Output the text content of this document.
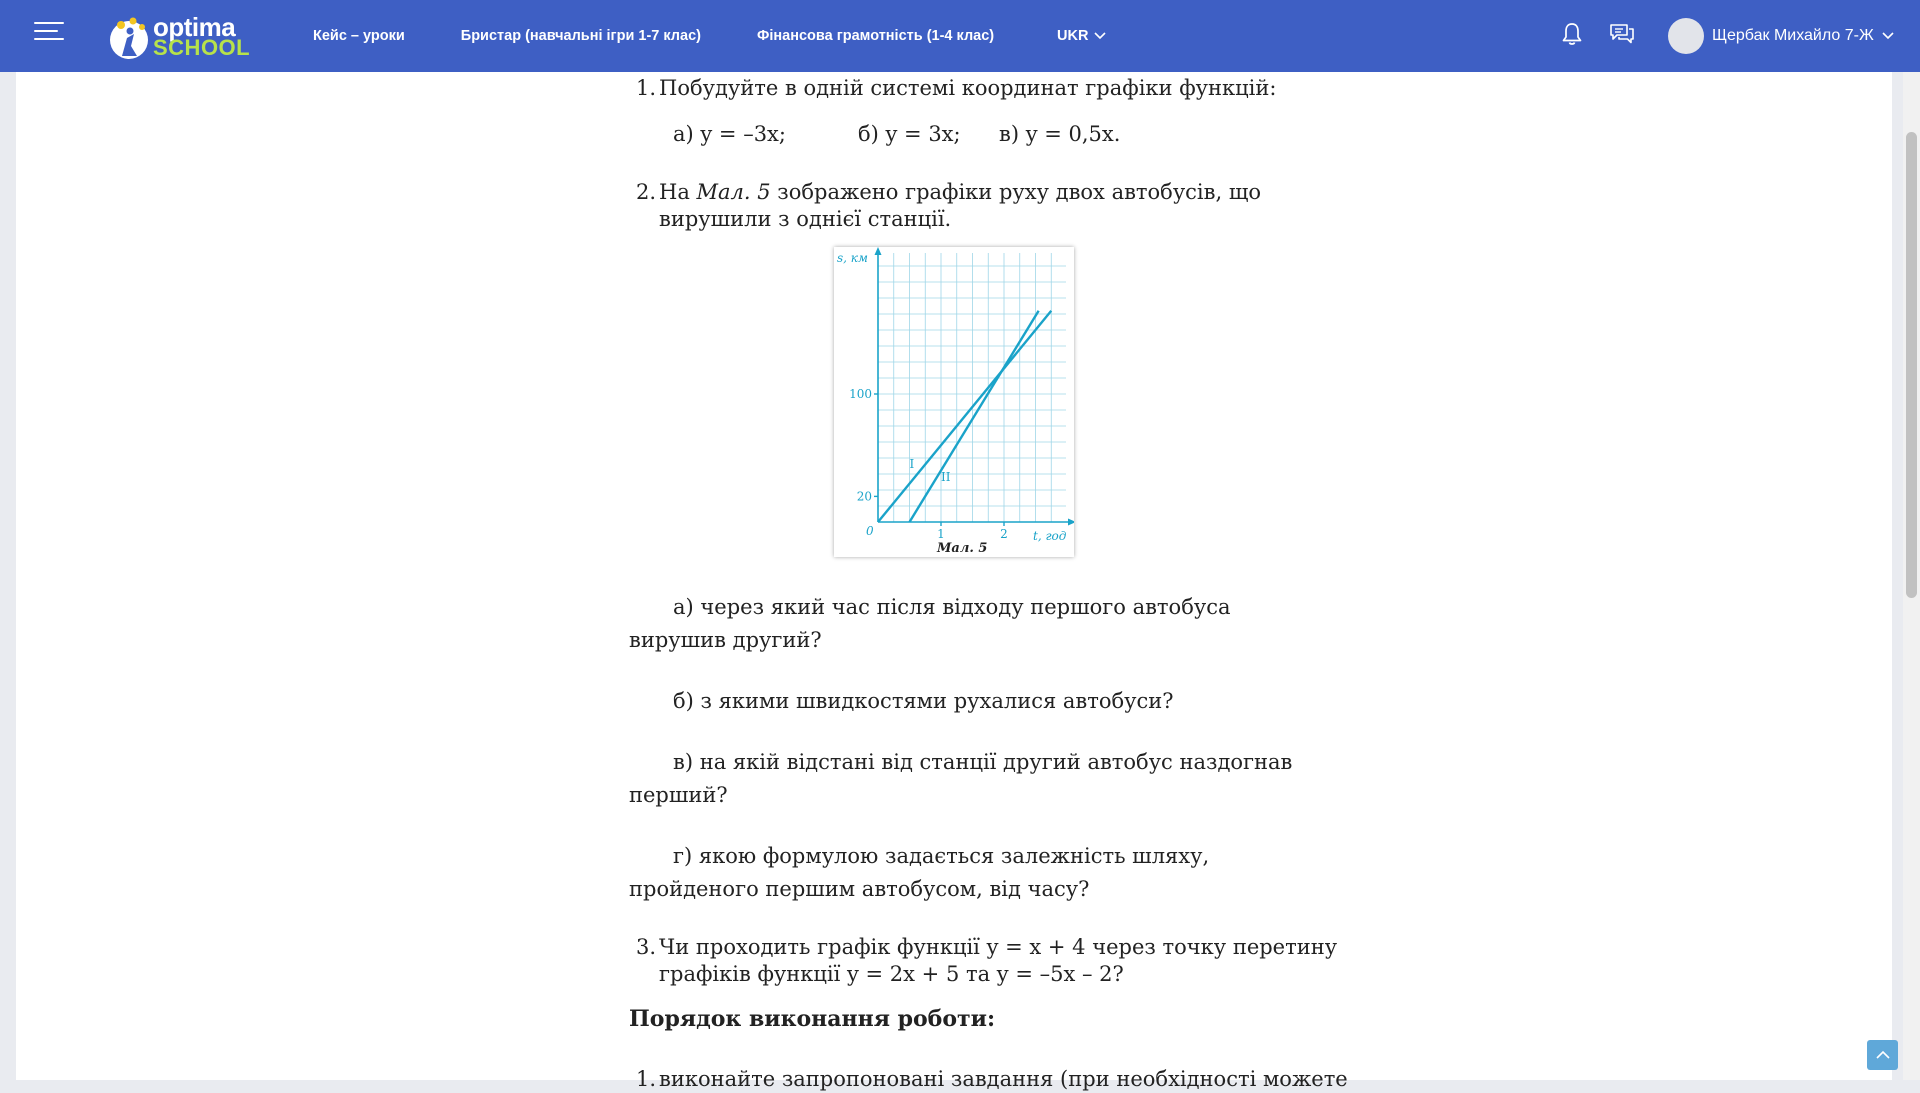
optima
SCHOOL	Кейс – уроки	Бристар (навчальні ігри 1-7 клас)	Фінансова грамотність (1-4 клас)	UKR	Щербак Михайло 7-Ж
1. Побудуйте в одній системі координат графіки функцій:
а) y = –3x;	б) y = 3x; в) y = 0,5x.
2. На Мал. 5 зображено графіки руху двох автобусів, що
вирушили з однієї станції.
20
100
1	2
s, км
t, год
0
I
II
Мал. 5
а) через який час після відходу першого автобуса
вирушив другий?
б) з якими швидкостями рухалися автобуси?
в) на якій відстані від станції другий автобус наздогнав
перший?
г) якою формулою задається залежність шляху,
пройденого першим автобусом, від часу?
3. Чи проходить графік функції y = x + 4 через точку перетину
графіків функції y = 2x + 5 та y = –5x – 2?
Порядок виконання роботи:
1. виконайте запропоновані завдання (при необхідності можете
